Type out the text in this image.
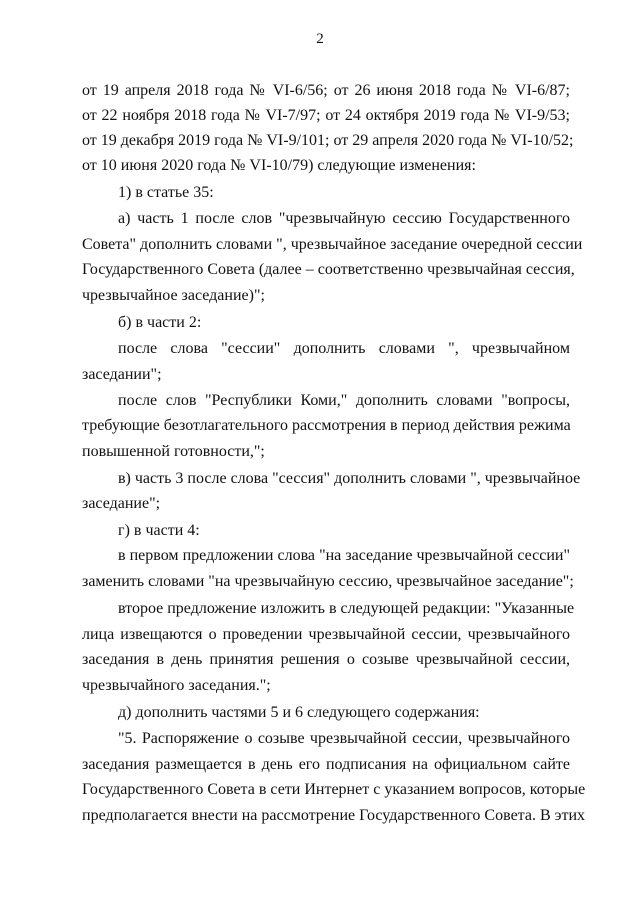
2
от 19 апреля 2018 года № VI-6/56; от 26 июня 2018 года № VI-6/87;
от 22 ноября 2018 года № VI-7/97; от 24 октября 2019 года № VI-9/53;
от 19 декабря 2019 года № VI-9/101; от 29 апреля 2020 года № VI-10/52;
от 10 июня 2020 года № VI-10/79) следующие изменения:
1) в статье 35:
а) часть 1 после слов "чрезвычайную сессию Государственного
Совета" дополнить словами ", чрезвычайное заседание очередной сессии
Государственного Совета (далее – соответственно чрезвычайная сессия,
чрезвычайное заседание)";
б) в части 2:
после слова "сессии" дополнить словами ", чрезвычайном
заседании";
после слов "Республики Коми," дополнить словами "вопросы,
требующие безотлагательного рассмотрения в период действия режима
повышенной готовности,";
в) часть 3 после слова "сессия" дополнить словами ", чрезвычайное
заседание";
г) в части 4:
в первом предложении слова "на заседание чрезвычайной сессии"
заменить словами "на чрезвычайную сессию, чрезвычайное заседание";
второе предложение изложить в следующей редакции: "Указанные
лица извещаются о проведении чрезвычайной сессии, чрезвычайного
заседания в день принятия решения о созыве чрезвычайной сессии,
чрезвычайного заседания.";
д) дополнить частями 5 и 6 следующего содержания:
"5. Распоряжение о созыве чрезвычайной сессии, чрезвычайного
заседания размещается в день его подписания на официальном сайте
Государственного Совета в сети Интернет с указанием вопросов, которые
предполагается внести на рассмотрение Государственного Совета. В этих
